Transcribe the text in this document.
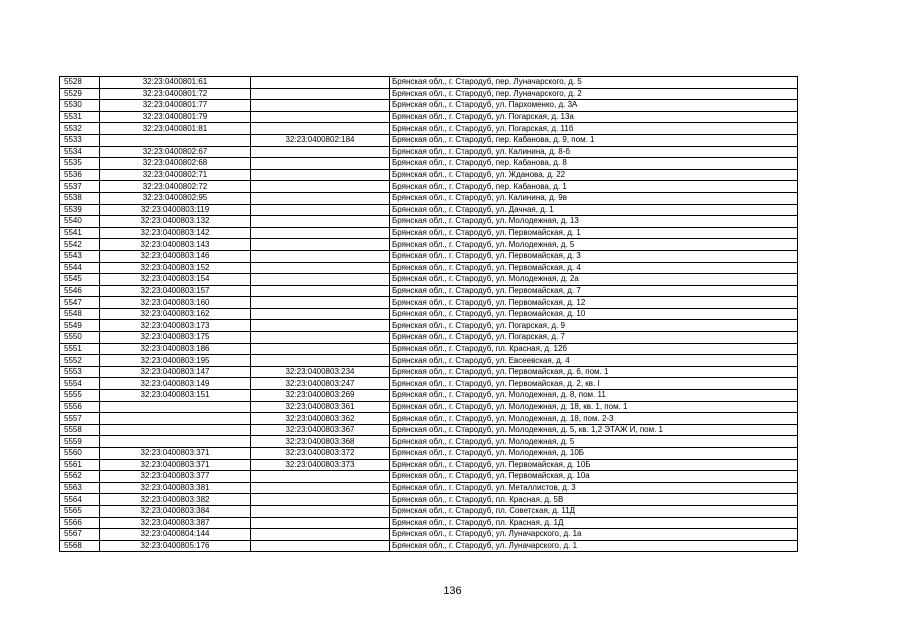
5528	32:23:0400801:61		Брянская обл., г. Стародуб, пер. Луначарского, д. 5
5529	32:23:0400801:72		Брянская обл., г. Стародуб, пер. Луначарского, д. 2
5530	32:23:0400801:77		Брянская обл., г. Стародуб, ул. Пархоменко, д. 3А
5531	32:23:0400801:79		Брянская обл., г. Стародуб, ул. Погарская, д. 13а
5532	32:23:0400801:81		Брянская обл., г. Стародуб, ул. Погарская, д. 11б
5533		32:23:0400802:184	Брянская обл., г. Стародуб, пер. Кабанова, д. 9, пом. 1
5534	32:23:0400802:67		Брянская обл., г. Стародуб, ул. Калинина, д. 8-б
5535	32:23:0400802:68		Брянская обл., г. Стародуб, пер. Кабанова, д. 8
5536	32:23:0400802:71		Брянская обл., г. Стародуб, ул. Жданова, д. 22
5537	32:23:0400802:72		Брянская обл., г. Стародуб, пер. Кабанова, д. 1
5538	32:23:0400802:95		Брянская обл., г. Стародуб, ул. Калинина, д. 9в
5539	32:23:0400803:119		Брянская обл., г. Стародуб, ул. Дачная, д. 1
5540	32:23:0400803:132		Брянская обл., г. Стародуб, ул. Молодежная, д. 13
5541	32:23:0400803:142		Брянская обл., г. Стародуб, ул. Первомайская, д. 1
5542	32:23:0400803:143		Брянская обл., г. Стародуб, ул. Молодежная, д. 5
5543	32:23:0400803:146		Брянская обл., г. Стародуб, ул. Первомайская, д. 3
5544	32:23:0400803:152		Брянская обл., г. Стародуб, ул. Первомайская, д. 4
5545	32:23:0400803:154		Брянская обл., г. Стародуб, ул. Молодежная, д. 2а
5546	32:23:0400803:157		Брянская обл., г. Стародуб, ул. Первомайская, д. 7
5547	32:23:0400803:160		Брянская обл., г. Стародуб, ул. Первомайская, д. 12
5548	32:23:0400803:162		Брянская обл., г. Стародуб, ул. Первомайская, д. 10
5549	32:23:0400803:173		Брянская обл., г. Стародуб, ул. Погарская, д. 9
5550	32:23:0400803:175		Брянская обл., г. Стародуб, ул. Погарская, д. 7
5551	32:23:0400803:186		Брянская обл., г. Стародуб, пл. Красная, д. 12б
5552	32:23:0400803:195		Брянская обл., г. Стародуб, ул. Евсеевская, д. 4
5553	32:23:0400803:147	32:23:0400803:234	Брянская обл., г. Стародуб, ул. Первомайская, д. 6, пом. 1
5554	32:23:0400803:149	32:23:0400803:247	Брянская обл., г. Стародуб, ул. Первомайская, д. 2, кв. I
5555	32:23:0400803:151	32:23:0400803:269	Брянская обл., г. Стародуб, ул. Молодежная, д. 8, пом. 11
5556		32:23:0400803:361	Брянская обл., г. Стародуб, ул. Молодежная, д. 18, кв. 1, пом. 1
5557		32:23:0400803:362	Брянская обл., г. Стародуб, ул. Молодежная, д. 18, пом. 2-3
5558		32:23:0400803:367	Брянская обл., г. Стародуб, ул. Молодежная, д. 5, кв. 1,2 ЭТАЖ И, пом. 1
5559		32:23:0400803:368	Брянская обл., г. Стародуб, ул. Молодежная, д. 5
5560	32:23:0400803:371	32:23:0400803:372	Брянская обл., г. Стародуб, ул. Молодежная, д. 10Б
5561	32:23:0400803:371	32:23:0400803:373	Брянская обл., г. Стародуб, ул. Первомайская, д. 10Б
5562	32:23:0400803:377		Брянская обл., г. Стародуб, ул. Первомайская, д. 10а
5563	32:23:0400803:381		Брянская обл., г. Стародуб, ул. Металлистов, д. 3
5564	32:23:0400803:382		Брянская обл., г. Стародуб, пл. Красная, д. 5В
5565	32:23:0400803:384		Брянская обл., г. Стародуб, пл. Советская, д. 11Д
5566	32:23:0400803:387		Брянская обл., г. Стародуб, пл. Красная, д. 1Д
5567	32:23:0400804:144		Брянская обл., г. Стародуб, ул. Луначарского, д. 1а
5568	32:23:0400805:176		Брянская обл., г. Стародуб, ул. Луначарского, д. 1
136
